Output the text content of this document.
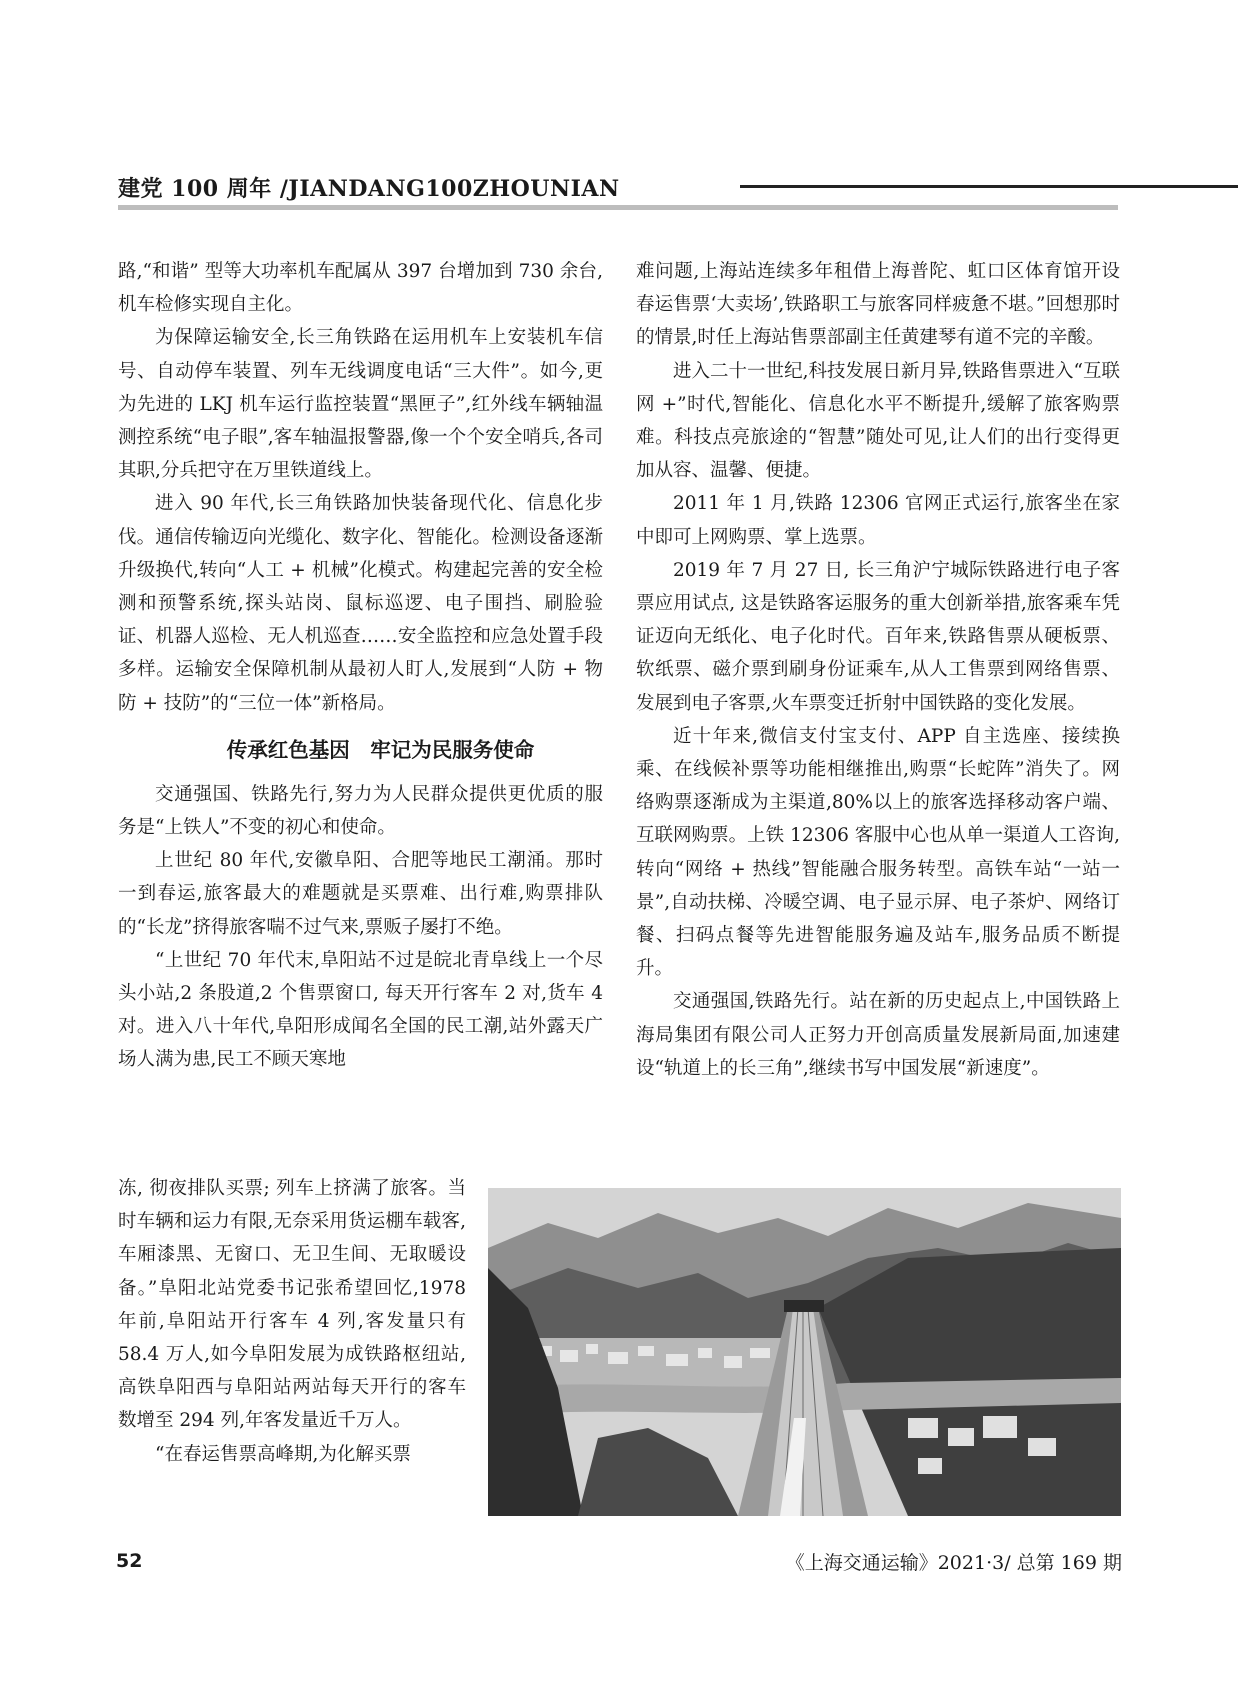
建党 100 周年 /JIANDANG100ZHOUNIAN

路,“和谐” 型等大功率机车配属从 397 台增加到 730 余台,机车检修实现自主化。

为保障运输安全,长三角铁路在运用机车上安装机车信号、自动停车装置、列车无线调度电话“三大件”。如今,更为先进的 LKJ 机车运行监控装置“黑匣子”,红外线车辆轴温测控系统“电子眼”,客车轴温报警器,像一个个安全哨兵,各司其职,分兵把守在万里铁道线上。

进入 90 年代,长三角铁路加快装备现代化、信息化步伐。通信传输迈向光缆化、数字化、智能化。检测设备逐渐升级换代,转向“人工 + 机械”化模式。构建起完善的安全检测和预警系统,探头站岗、鼠标巡逻、电子围挡、刷脸验证、机器人巡检、无人机巡查……安全监控和应急处置手段多样。运输安全保障机制从最初人盯人,发展到“人防 + 物防 + 技防”的“三位一体”新格局。

传承红色基因　牢记为民服务使命

交通强国、铁路先行,努力为人民群众提供更优质的服务是“上铁人”不变的初心和使命。

上世纪 80 年代,安徽阜阳、合肥等地民工潮涌。那时一到春运,旅客最大的难题就是买票难、出行难,购票排队的“长龙”挤得旅客喘不过气来,票贩子屡打不绝。

“上世纪 70 年代末,阜阳站不过是皖北青阜线上一个尽头小站,2 条股道,2 个售票窗口, 每天开行客车 2 对,货车 4 对。进入八十年代,阜阳形成闻名全国的民工潮,站外露天广场人满为患,民工不顾天寒地

冻, 彻夜排队买票; 列车上挤满了旅客。当时车辆和运力有限,无奈采用货运棚车载客,车厢漆黑、无窗口、无卫生间、无取暖设备。”阜阳北站党委书记张希望回忆,1978 年前,阜阳站开行客车 4 列,客发量只有 58.4 万人,如今阜阳发展为成铁路枢纽站, 高铁阜阳西与阜阳站两站每天开行的客车数增至 294 列,年客发量近千万人。

“在春运售票高峰期,为化解买票

难问题,上海站连续多年租借上海普陀、虹口区体育馆开设春运售票‘大卖场’,铁路职工与旅客同样疲惫不堪。”回想那时的情景,时任上海站售票部副主任黄建琴有道不完的辛酸。

进入二十一世纪,科技发展日新月异,铁路售票进入“互联网 +”时代,智能化、信息化水平不断提升,缓解了旅客购票难。科技点亮旅途的“智慧”随处可见,让人们的出行变得更加从容、温馨、便捷。

2011 年 1 月,铁路 12306 官网正式运行,旅客坐在家中即可上网购票、掌上选票。

2019 年 7 月 27 日, 长三角沪宁城际铁路进行电子客票应用试点, 这是铁路客运服务的重大创新举措,旅客乘车凭证迈向无纸化、电子化时代。百年来,铁路售票从硬板票、软纸票、磁介票到刷身份证乘车,从人工售票到网络售票、发展到电子客票,火车票变迁折射中国铁路的变化发展。

近十年来,微信支付宝支付、APP 自主选座、接续换乘、在线候补票等功能相继推出,购票“长蛇阵”消失了。网络购票逐渐成为主渠道,80%以上的旅客选择移动客户端、互联网购票。上铁 12306 客服中心也从单一渠道人工咨询,转向“网络 + 热线”智能融合服务转型。高铁车站“一站一景”,自动扶梯、冷暖空调、电子显示屏、电子茶炉、网络订餐、扫码点餐等先进智能服务遍及站车,服务品质不断提升。

交通强国,铁路先行。站在新的历史起点上,中国铁路上海局集团有限公司人正努力开创高质量发展新局面,加速建设“轨道上的长三角”,继续书写中国发展“新速度”。

52	《上海交通运输》2021·3/ 总第 169 期
